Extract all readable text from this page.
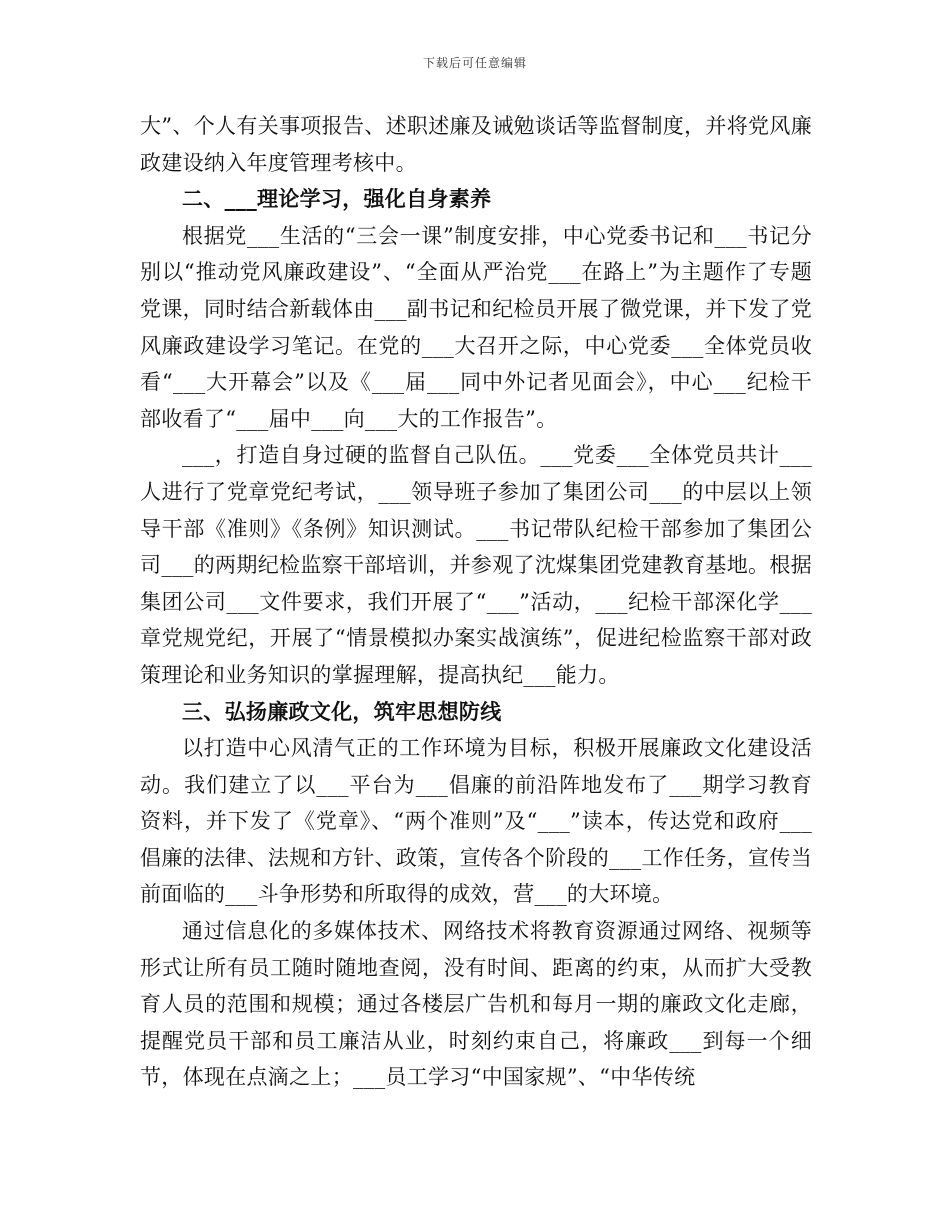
下载后可任意编辑

大”、个人有关事项报告、述职述廉及诫勉谈话等监督制度，并将党风廉政建设纳入年度管理考核中。

二、___理论学习，强化自身素养

根据党___生活的“三会一课”制度安排，中心党委书记和___书记分别以“推动党风廉政建设”、“全面从严治党___在路上”为主题作了专题党课，同时结合新载体由___副书记和纪检员开展了微党课，并下发了党风廉政建设学习笔记。在党的___大召开之际，中心党委___全体党员收看“___大开幕会”以及《___届___同中外记者见面会》，中心___纪检干部收看了“___届中___向___大的工作报告”。

___，打造自身过硬的监督自己队伍。___党委___全体党员共计___人进行了党章党纪考试，___领导班子参加了集团公司___的中层以上领导干部《准则》《条例》知识测试。___书记带队纪检干部参加了集团公司___的两期纪检监察干部培训，并参观了沈煤集团党建教育基地。根据集团公司___文件要求，我们开展了“___”活动，___纪检干部深化学___章党规党纪，开展了“情景模拟办案实战演练”，促进纪检监察干部对政策理论和业务知识的掌握理解，提高执纪___能力。

三、弘扬廉政文化，筑牢思想防线

以打造中心风清气正的工作环境为目标，积极开展廉政文化建设活动。我们建立了以___平台为___倡廉的前沿阵地发布了___期学习教育资料，并下发了《党章》、“两个准则”及“___”读本，传达党和政府___倡廉的法律、法规和方针、政策，宣传各个阶段的___工作任务，宣传当前面临的___斗争形势和所取得的成效，营___的大环境。

通过信息化的多媒体技术、网络技术将教育资源通过网络、视频等形式让所有员工随时随地查阅，没有时间、距离的约束，从而扩大受教育人员的范围和规模；通过各楼层广告机和每月一期的廉政文化走廊，提醒党员干部和员工廉洁从业，时刻约束自己，将廉政___到每一个细节，体现在点滴之上；___员工学习“中国家规”、“中华传统
